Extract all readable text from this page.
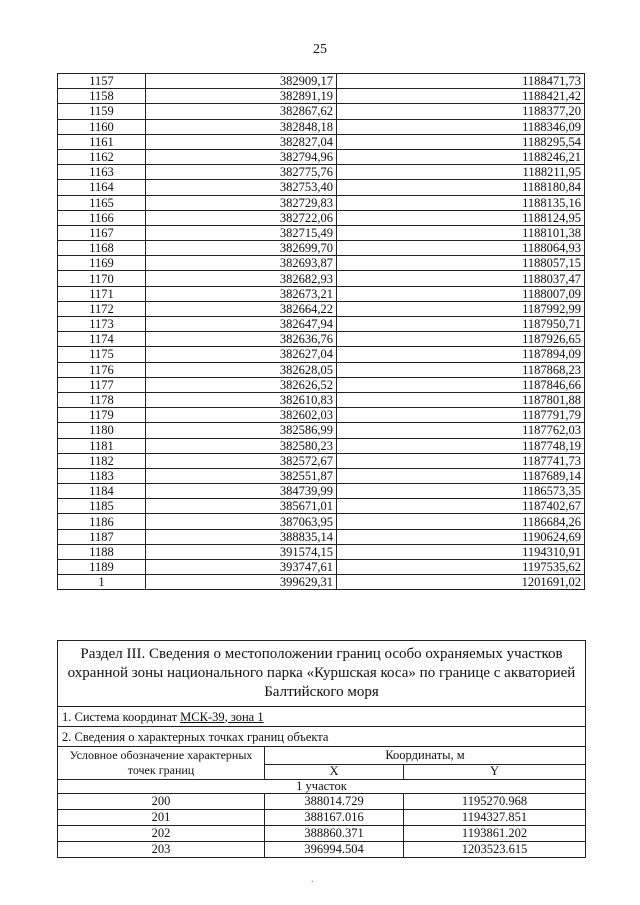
25
1157	382909,17	1188471,73
1158	382891,19	1188421,42
1159	382867,62	1188377,20
1160	382848,18	1188346,09
1161	382827,04	1188295,54
1162	382794,96	1188246,21
1163	382775,76	1188211,95
1164	382753,40	1188180,84
1165	382729,83	1188135,16
1166	382722,06	1188124,95
1167	382715,49	1188101,38
1168	382699,70	1188064,93
1169	382693,87	1188057,15
1170	382682,93	1188037,47
1171	382673,21	1188007,09
1172	382664,22	1187992,99
1173	382647,94	1187950,71
1174	382636,76	1187926,65
1175	382627,04	1187894,09
1176	382628,05	1187868,23
1177	382626,52	1187846,66
1178	382610,83	1187801,88
1179	382602,03	1187791,79
1180	382586,99	1187762,03
1181	382580,23	1187748,19
1182	382572,67	1187741,73
1183	382551,87	1187689,14
1184	384739,99	1186573,35
1185	385671,01	1187402,67
1186	387063,95	1186684,26
1187	388835,14	1190624,69
1188	391574,15	1194310,91
1189	393747,61	1197535,62
1	399629,31	1201691,02
Раздел III. Сведения о местоположении границ особо охраняемых участков охранной зоны национального парка «Куршская коса» по границе с акваторией Балтийского моря		
1. Система координат МСК-39, зона 1		
2. Сведения о характерных точках границ объекта		
Условное обозначение характерных точек границ	Координаты, м	
	X	Y
1 участок		
200	388014.729	1195270.968
201	388167.016	1194327.851
202	388860.371	1193861.202
203	396994.504	1203523.615
.
